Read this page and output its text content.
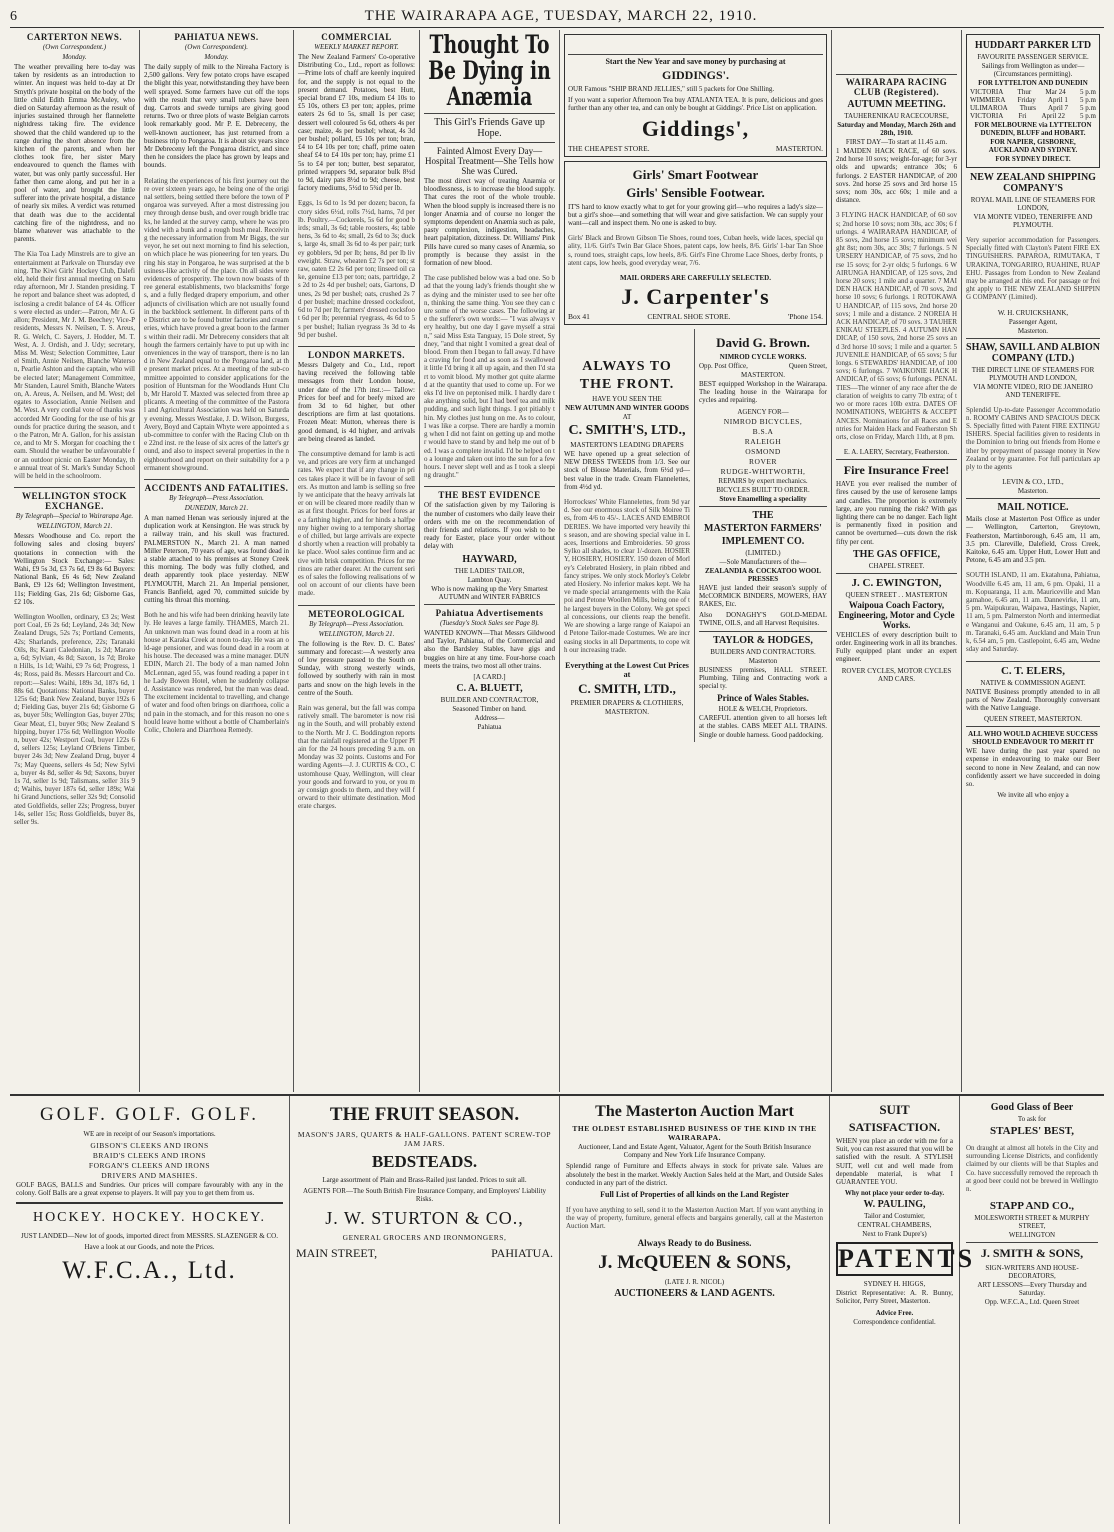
6	THE WAIRARAPA AGE, TUESDAY, MARCH 22, 1910.
CARTERTON NEWS.
(Own Correspondent.)
Monday.

The weather prevailing here to-day was taken by residents as an introduction to winter. An inquest was held to-day at Dr Smyth's private hospital on the body of the little child Edith Emma McAuley, who died on Saturday afternoon as the result of injuries sustained through her flannelette nightdress taking fire. The evidence showed that the child wandered up to the range during the short absence from the kitchen of the parents, and when her clothes took fire, her sister Mary endeavoured to quench the flames with water, but was only partly successful. Her father then came along, and put her in a pool of water, and brought the little sufferer into the private hospital, a distance of nearly six miles. A verdict was returned that death was due to the accidental catching fire of the nightdress, and no blame whatever was attachable to the parents.

The Kia Toa Lady Minstrels are to give an entertainment at Parkvale on Thursday evening. The Kiwi Girls' Hockey Club, Dalefield, held their first annual meeting on Saturday afternoon, Mr J. Standen presiding. The report and balance sheet was adopted, disclosing a credit balance of £4 4s. Officers were elected as under:—Patron, Mr A. Gallon; President, Mr J. M. Beechey; Vice-Presidents, Messrs N. Neilsen, T. S. Areus, R. G. Welch, C. Sayers, J. Hodder, M. T. West, A. J. Ordish, and J. Udy; secretary, Miss M. West; Selection Committee, Laurel Smith, Annie Neilsen, Blanche Waterson, Pearlie Ashton and the captain, who will be elected later; Management Committee, Mr Standen, Laurel Smith, Blanche Waterson, A. Areus, A. Neilsen, and M. West; delegates to Association, Annie Neilsen and M. West. A very cordial vote of thanks was accorded Mr Gooding for the use of his grounds for practice during the season, and to the Patron, Mr A. Gallon, for his assistance, and to Mr S. Morgan for coaching the team. Should the weather be unfavourable for an outdoor picnic on Easter Monday, the annual treat of St. Mark's Sunday School will be held in the schoolroom.

WELLINGTON STOCK EXCHANGE.
By Telegraph—Special to Wairarapa Age.
WELLINGTON, March 21.

Messrs Woodhouse and Co. report the following sales and closing buyers' quotations in connection with the Wellington Stock Exchange:— Sales: Wahi, £9 5s 3d, £3 7s 6d, £9 8s 6d Buyers: National Bank, £6 4s 6d; New Zealand Bank, £9 12s 6d; Wellington Investment, 11s; Fielding Gas, 21s 6d; Gisborne Gas, £2 10s.

Wellington Woollen, ordinary, £3 2s; Westport Coal, £6 2s 6d; Leyland, 24s 3d; New Zealand Drugs, 52s 7s; Portland Cements, 42s; Sharlands, preference, 22s; Taranaki Oils, 8s; Kauri Caledonian, 1s 2d; Mararoa, 6d; Sylvian, 4s 8d; Saxon, 1s 7d; Broken Hills, 1s 1d; Waihi, £9 7s 6d; Progress, 14s; Ross, paid 8s. Messrs Harcourt and Co. report:—Sales: Waihi, 189s 3d, 187s 6d, 188s 6d. Quotations: National Banks, buyer 125s 6d; Bank New Zealand, buyer 192s 6d; Fielding Gas, buyer 21s 6d; Gisborne Gas, buyer 50s; Wellington Gas, buyer 270s; Gear Meat, £1, buyer 90s; New Zealand Shipping, buyer 175s 6d; Wellington Woollen, buyer 42s; Westport Coal, buyer 122s 6d, sellers 125s; Leyland O'Briens Timber, buyer 24s 3d; New Zealand Drug, buyer 47s; May Queens, sellers 4s 5d; New Sylvia, buyer 4s 8d, seller 4s 9d; Saxons, buyer 1s 7d, seller 1s 9d; Talismans, seller 31s 9d; Waihis, buyer 187s 6d, seller 189s; Waihi Grand Junctions, seller 32s 9d; Consolidated Goldfields, seller 22s; Progress, buyer 14s, seller 15s; Ross Goldfields, buyer 8s, seller 9s.

PAHIATUA NEWS.
(Own Correspondent).
Monday.

The daily supply of milk to the Nireaha Factory is 2,500 gallons. Very few potato crops have escaped the blight this year, notwithstanding they have been well sprayed. Some farmers have cut off the tops with the result that very small tubers have been dug. Carrots and swede turnips are giving good returns. Two or three plots of waste Belgian carrots look remarkably good. Mr P. E. Debreceny, the well-known auctioneer, has just returned from a business trip to Pongaroa. It is about six years since Mr Debreceny left the Pongaroa district, and since then he considers the place has grown by leaps and bounds.

Relating the experiences of his first journey out there over sixteen years ago, he being one of the original settlers, being settled there before the town of Pongaroa was surveyed. After a most distressing journey through dense bush, and over rough bridle tracks, he landed at the survey camp, where he was provided with a bunk and a rough bush meal. Receiving the necessary information from Mr Biggs, the surveyor, he set out next morning to find his selection, on which place he was pioneering for ten years. During his stay in Pongaroa, he was surprised at the business-like activity of the place. On all sides were evidences of prosperity. The town now boasts of three general establishments, two blacksmiths' forges, and a fully fledged drapery emporium, and other adjuncts of civilisation which are not usually found in the backblock settlement. In different parts of the District are to be found butter factories and creameries, which have proved a great boon to the farmers within their radii. Mr Debreceny considers that although the farmers certainly have to put up with inconveniences in the way of transport, there is no land in New Zealand equal to the Pongaroa land, at the present market prices. At a meeting of the sub-committee appointed to consider applications for the position of Huntsman for the Woodlands Hunt Club, Mr Harold T. Maxted was selected from three applicants. A meeting of the committee of the Pastoral and Agricultural Association was held on Saturday evening. Messrs Westlake, J. D. Wilson, Burgess, Avery, Boyd and Captain Whyte were appointed a sub-committee to confer with the Racing Club on the 22nd inst. re the lease of six acres of the latter's ground, and also to inspect several properties in the neighbourhood and report on their suitability for a permanent showground.

ACCIDENTS AND FATALITIES.
By Telegraph—Press Association.
DUNEDIN, March 21.

A man named Henan was seriously injured at the duplication work at Kensington. He was struck by a railway train, and his skull was fractured. PALMERSTON N., March 21. A man named Miller Peterson, 70 years of age, was found dead in a stable attached to his premises at Stoney Creek this morning. The body was fully clothed, and death apparently took place yesterday. NEW PLYMOUTH, March 21. An Imperial pensioner, Francis Banfield, aged 70, committed suicide by cutting his throat this morning.

Both he and his wife had been drinking heavily lately. He leaves a large family. THAMES, March 21. An unknown man was found dead in a room at his house at Karaka Creek at noon to-day. He was an old-age pensioner, and was found dead in a room at his house. The deceased was a mine manager. DUNEDIN, March 21. The body of a man named John McLennan, aged 55, was found reading a paper in the Lady Bowen Hotel, when he suddenly collapsed. Assistance was rendered, but the man was dead. The excitement incidental to travelling, and change of water and food often brings on diarrhoea, colic and pain in the stomach, and for this reason no one should leave home without a bottle of Chamberlain's Colic, Cholera and Diarrhoea Remedy.

COMMERCIAL
WEEKLY MARKET REPORT.

The New Zealand Farmers' Co-operative Distributing Co., Ltd., report as follows:—Prime lots of chaff are keenly inquired for, and the supply is not equal to the present demand. Potatoes, best Hutt, special brand £7 10s, medium £4 10s to £5 10s, others £3 per ton; apples, prime eaters 2s 6d to 5s, small 1s per case; dessert well coloured 5s 6d, others 4s per case; maize, 4s per bushel; wheat, 4s 3d per bushel; pollard, £5 10s per ton; bran, £4 to £4 10s per ton; chaff, prime oaten sheaf £4 to £4 10s per ton; hay, prime £1 5s to £4 per ton; butter, best separator, printed wrappers 9d, separator bulk 8½d to 9d, dairy pats 8½d to 9d; cheese, best factory mediums, 5½d to 5¾d per lb.

Eggs, 1s 6d to 1s 9d per dozen; bacon, factory sides 6½d, rolls 7½d, hams, 7d per lb. Poultry.—Cockerels, 5s 6d for good birds; small, 3s 6d; table roosters, 4s; table hens, 3s 6d to 4s; small, 2s 6d to 3s; ducks, large 4s, small 3s 6d to 4s per pair; turkey gobblers, 9d per lb; hens, 8d per lb liveweight. Straw, wheaten £2 7s per ton; straw, oaten £2 2s 6d per ton; linseed oil cake, genuine £13 per ton; oats, partridge, 2s 2d to 2s 4d per bushel; oats, Gartons, Dunes, 2s 9d per bushel; oats, crushed 2s 7d per bushel; machine dressed cocksfoot, 6d to 7d per lb; farmers' dressed cocksfoot 6d per lb; perennial ryegrass, 4s 6d to 5s per bushel; Italian ryegrass 3s 3d to 4s 9d per bushel.

LONDON MARKETS.

Messrs Dalgety and Co., Ltd., report having received the following table messages from their London house, under date of the 17th inst.:— Tallow: Prices for beef and for beefy mixed are from 3d to 6d higher, but other descriptions are firm at last quotations. Frozen Meat: Mutton, whereas there is good demand, is 4d higher, and arrivals are being cleared as landed.

The consumptive demand for lamb is active, and prices are very firm at unchanged rates. We expect that if any change in prices takes place it will be in favour of sellers. As mutton and lamb is selling so freely we anticipate that the heavy arrivals later on will be cleared more readily than was at first thought. Prices for beef fores are a farthing higher, and for hinds a halfpenny higher owing to a temporary shortage of chilled, but large arrivals are expected shortly when a reaction will probably take place. Wool sales continue firm and active with brisk competition. Prices for merinos are rather dearer. At the current series of sales the following realisations of wool on account of our clients have been made.

METEOROLOGICAL
By Telegraph—Press Association.
WELLINGTON, March 21.

The following is the Rev. D. C. Bates' summary and forecast:—A westerly area of low pressure passed to the South on Sunday, with strong westerly winds, followed by southerly with rain in most parts and snow on the high levels in the centre of the South.

Rain was general, but the fall was comparatively small. The barometer is now rising in the South, and will probably extend to the North. Mr J. C. Boddington reports that the rainfall registered at the Upper Plain for the 24 hours preceding 9 a.m. on Monday was 32 points. Customs and Forwarding Agents—J. J. CURTIS & CO., Customhouse Quay, Wellington, will clear your goods and forward to you, or you may consign goods to them, and they will forward to their ultimate destination. Moderate charges.

Thought To Be Dying in Anæmia
This Girl's Friends Gave up Hope.
Fainted Almost Every Day—Hospital Treatment—She Tells how She was Cured.

The most direct way of treating Anæmia or bloodlessness, is to increase the blood supply. That cures the root of the whole trouble. When the blood supply is increased there is no longer Anæmia and of course no longer the symptoms dependent on Anæmia such as pale, pasty complexion, indigestion, headaches, heart palpitation, dizziness. Dr. Williams' Pink Pills have cured so many cases of Anæmia, so promptly is because they assist in the formation of new blood.

The case published below was a bad one. So bad that the young lady's friends thought she was dying and the minister used to see her often, thinking the same thing. You see they can cure some of the worse cases. The following are the sufferer's own words:— "I was always very healthy, but one day I gave myself a strain," said Miss Esta Tanguay, 15 Dole street, Sydney, "and that night I vomited a great deal of blood. From then I began to fall away. I'd have a craving for food and as soon as I swallowed it little I'd bring it all up again, and then I'd start to vomit blood. My mother got quite alarmed at the quantity that used to come up. For weeks I'd live on peptonised milk. I hardly dare take anything solid, but I had beef tea and milk pudding, and such light things. I got pitiably thin. My clothes just hung on me. As to colour, I was like a corpse. There are hardly a morning when I did not faint on getting up and mother would have to stand by and help me out of bed. I was a complete invalid. I'd be helped on to a lounge and taken out into the sun for a few hours. I never slept well and as I took a sleeping draught."

THE BEST EVIDENCE

Of the satisfaction given by my Tailoring is the number of customers who daily leave their orders with me on the recommendation of their friends and relations. If you wish to be ready for Easter, place your order without delay with

HAYWARD,
THE LADIES' TAILOR,
Lambton Quay.

Who is now making up the Very Smartest AUTUMN and WINTER FABRICS

Pahiatua Advertisements
(Tuesday's Stock Sales see Page 8).

WANTED KNOWN—That Messrs Gildwood and Taylor, Pahiatua, of the Commercial and also the Bardsley Stables, have gigs and buggies on hire at any time. Four-horse coach meets the trains, two most all other trains.

[A CARD.]
C. A. BLUETT,
BUILDER AND CONTRACTOR,
Seasoned Timber on hand.
Address—
Pahiatua
Start the New Year and save money by purchasing at
GIDDINGS'.

OUR Famous "SHIP BRAND JELLIES," still 5 packets for One Shilling.

If you want a superior Afternoon Tea buy ATALANTA TEA. It is pure, delicious and goes further than any other tea, and can only be bought at Giddings'. Price List on application.

Giddings',
THE CHEAPEST STORE.	MASTERTON.
Girls' Smart Footwear
Girls' Sensible Footwear.

IT'S hard to know exactly what to get for your growing girl—who requires a lady's size—but a girl's shoe—and something that will wear and give satisfaction. We can supply your want—call and inspect them. No one is asked to buy.

Girls' Black and Brown Gibson Tie Shoes, round toes, Cuban heels, wide laces, special quality, 11/6. Girl's Twin Bar Glace Shoes, patent caps, low heels, 8/6. Girls' 1-bar Tan Shoes, round toes, straight caps, low heels, 8/6. Girl's Fine Chrome Lace Shoes, derby fronts, patent caps, low heels, good everyday wear, 7/6.

MAIL ORDERS ARE CAREFULLY SELECTED.
J. Carpenter's
Box 41	CENTRAL SHOE STORE.	'Phone 154.
ALWAYS TO
THE FRONT.
HAVE YOU SEEN THE
NEW AUTUMN AND WINTER GOODS
AT
C. SMITH'S, LTD.,
MASTERTON'S LEADING DRAPERS

WE have opened up a great selection of NEW DRESS TWEEDS from 1/3. See our stock of Blouse Materials, from 6½d yd—best value in the trade. Cream Flannelettes, from 4½d yd.

Horrockses' White Flannelettes, from 9d yard. See our enormous stock of Silk Moiree Ties, from 4/6 to 45/-. LACES AND EMBROIDERIES. We have imported very heavily this season, and are showing special value in Laces, Insertions and Embroideries. 50 gross Sylko all shades, to clear 1/-dozen. HOSIERY, HOSIERY, HOSIERY. 150 dozen of Morley's Celebrated Hosiery, in plain ribbed and fancy stripes. We only stock Morley's Celebrated Hosiery. No inferior makes kept. We have made special arrangements with the Kaiapoi and Petone Woollen Mills, being one of the largest buyers in the Colony. We get special concessions, our clients reap the benefit. We are showing a large range of Kaiapoi and Petone Tailor-made Costumes. We are increasing stocks in all Departments, to cope with our increasing trade.

Everything at the Lowest Cut Prices at
C. SMITH, LTD.,
PREMIER DRAPERS & CLOTHIERS,
MASTERTON.
David G. Brown.
NIMROD CYCLE WORKS.
Opp. Post Office,	Queen Street,
MASTERTON.

BEST equipped Workshop in the Wairarapa. The leading house in the Wairarapa for cycles and repairing.

AGENCY FOR—
NIMROD BICYCLES,
B.S.A
RALEIGH
OSMOND
ROVER
RUDGE-WHITWORTH,
REPAIRS by expert mechanics.
BICYCLES BUILT TO ORDER.
Stove Enamelling a speciality
THE
MASTERTON FARMERS'
IMPLEMENT CO.
(LIMITED.)
—Sole Manufacturers of the—
ZEALANDIA & COCKATOO WOOL PRESSES

HAVE just landed their season's supply of McCORMICK BINDERS, MOWERS, HAY RAKES, Etc.

Also DONAGHY'S GOLD-MEDAL TWINE, OILS, and all Harvest Requisites.

TAYLOR & HODGES,
BUILDERS AND CONTRACTORS.
Masterton

BUSINESS premises, HALL STREET. Plumbing, Tiling and Contracting work a special ty.

Prince of Wales Stables.
HOLE & WELCH, Proprietors.

CAREFUL attention given to all horses left at the stables. CABS MEET ALL TRAINS. Single or double harness. Good paddocking.

WAIRARAPA RACING CLUB (Registered).
AUTUMN MEETING.
TAUHERENIKAU RACECOURSE,
Saturday and Monday, March 26th and 28th, 1910.
FIRST DAY—To start at 11.45 a.m.

1 MAIDEN HACK RACE, of 60 sovs. 2nd horse 10 sovs; weight-for-age; for 3-yr olds and upwards; entrance 30s; 6 furlongs. 2 EASTER HANDICAP, of 200 sovs. 2nd horse 25 sovs and 3rd horse 15 sovs; nom 30s, acc 60s; 1 mile and a distance.

3 FLYING HACK HANDICAP, of 60 sovs; 2nd horse 10 sovs; nom 30s, acc 30s; 6 furlongs. 4 WAIRARAPA HANDICAP, of 85 sovs, 2nd horse 15 sovs; minimum weight 8st; nom 30s, acc 30s; 7 furlongs. 5 NURSERY HANDICAP, of 75 sovs, 2nd horse 15 sovs; for 2-yr olds; 5 furlongs. 6 WAIRUNGA HANDICAP, of 125 sovs, 2nd horse 20 sovs; 1 mile and a quarter. 7 MAIDEN HACK HANDICAP, of 70 sovs, 2nd horse 10 sovs; 6 furlongs. 1 ROTOKAWAU HANDICAP, of 115 sovs, 2nd horse 20 sovs; 1 mile and a distance. 2 NOREIA HACK HANDICAP, of 70 sovs. 3 TAUHERENIKAU STEEPLES. 4 AUTUMN HANDICAP, of 150 sovs, 2nd horse 25 sovs and 3rd horse 10 sovs; 1 mile and a quarter. 5 JUVENILE HANDICAP, of 65 sovs; 5 furlongs. 6 STEWARDS' HANDICAP, of 100 sovs; 6 furlongs. 7 WAIKONIE HACK HANDICAP, of 65 sovs; 6 furlongs. PENALTIES—The winner of any race after the declaration of weights to carry 7lb extra; of two or more races 10lb extra. DATES OF NOMINATIONS, WEIGHTS & ACCEPTANCES. Nominations for all Races and Entries for Maiden Hack and Featherston Shorts, close on Friday, March 11th, at 8 pm.

E. A. LAERY, Secretary, Featherston.
Fire Insurance Free!

HAVE you ever realised the number of fires caused by the use of kerosene lamps and candles. The proportion is extremely large, are you running the risk? With gas lighting there can be no danger. Each light is permanently fixed in position and cannot be overturned—cuts down the risk fifty per cent.

THE GAS OFFICE,
CHAPEL STREET.
J. C. EWINGTON,
QUEEN STREET . . MASTERTON
Waipoua Coach Factory, Engineering, Motor and Cycle Works.

VEHICLES of every description built to order. Engineering work in all its branches. Fully equipped plant under an expert engineer.

ROVER CYCLES, MOTOR CYCLES AND CARS.
HUDDART PARKER LTD
FAVOURITE PASSENGER SERVICE.
Sailings from Wellington as under—(Circumstances permitting).
FOR LYTTELTON AND DUNEDIN
VICTORIA Thur Mar 24 5 p.m
WIMMERA Friday April 1 5 p.m
ULIMAROA Thurs April 7 5 p.m
VICTORIA Fri April 22 5 p.m
FOR MELBOURNE via LYTTELTON DUNEDIN, BLUFF and HOBART.
FOR NAPIER, GISBORNE, AUCKLAND AND SYDNEY.
FOR SYDNEY DIRECT.
NEW ZEALAND SHIPPING COMPANY'S
ROYAL MAIL LINE OF STEAMERS FOR LONDON,
VIA MONTE VIDEO, TENERIFFE AND PLYMOUTH.

Very superior accommodation for Passengers. Specially fitted with Clayton's Patent FIRE EXTINGUISHERS. PAPAROA, RIMUTAKA, TURAKINA, TONGARIRO, RUAHINE, RUAPEHU. Passages from London to New Zealand may be arranged at this end. For passage or freight apply to THE NEW ZEALAND SHIPPING COMPANY (Limited).

W. H. CRUICKSHANK,
Passenger Agent,
Masterton.
SHAW, SAVILL AND ALBION COMPANY (LTD.)
THE DIRECT LINE OF STEAMERS FOR PLYMOUTH AND LONDON,
VIA MONTE VIDEO, RIO DE JANEIRO AND TENERIFFE.

Splendid Up-to-date Passenger Accommodation. ROOMY CABINS AND SPACIOUS DECKS. Specially fitted with Patent FIRE EXTINGUISHERS. Special facilities given to residents in the Dominion to bring out friends from Home either by prepayment of passage money in New Zealand or by guarantee. For full particulars apply to the agents

LEVIN & CO., LTD.,
Masterton.
MAIL NOTICE.

Mails close at Masterton Post Office as under— Wellington, Carterton, Greytown, Featherston, Martinborough, 6.45 am, 11 am, 3.5 pm. Clareville, Dalefield, Cross Creek, Kaitoke, 6.45 am. Upper Hutt, Lower Hutt and Petone, 6.45 am and 3.5 pm.

SOUTH ISLAND, 11 am. Ekatahuna, Pahiatua, Woodville 6.45 am, 11 am, 6 pm. Opaki, 11 am. Kopuaranga, 11 a.m. Mauriceville and Mangamahoe, 6.45 am, 11 am. Dannevirke, 11 am, 5 pm. Waipukurau, Waipawa, Hastings, Napier, 11 am, 5 pm. Palmerston North and intermediate Wanganui and Oakune, 6.45 am, 11 am, 5 pm. Taranaki, 6.45 am. Auckland and Main Trunk, 6.54 am, 5 pm. Castlepoint, 6.45 am, Wednesday and Saturday.

C. T. ELERS,
NATIVE & COMMISSION AGENT.

NATIVE Business promptly attended to in all parts of New Zealand. Thoroughly conversant with the Native Language.

QUEEN STREET, MASTERTON.
ALL WHO WOULD ACHIEVE SUCCESS SHOULD ENDEAVOUR TO MERIT IT

WE have during the past year spared no expense in endeavouring to make our Beer second to none in New Zealand, and can now confidently assert we have succeeded in doing so.

We invite all who enjoy a
GOLF. GOLF. GOLF.

WE are in receipt of our Season's importations.

GIBSON'S CLEEKS AND IRONS
BRAID'S CLEEKS AND IRONS
FORGAN'S CLEEKS AND IRONS
DRIVERS AND MASHIES.

GOLF BAGS, BALLS and Sundries. Our prices will compare favourably with any in the colony. Golf Balls are a great expense to players. It will pay you to get them from us.

HOCKEY. HOCKEY. HOCKEY.

JUST LANDED—New lot of goods, imported direct from MESSRS. SLAZENGER & CO.

Have a look at our Goods, and note the Prices.

W.F.C.A., Ltd.
THE FRUIT SEASON.
MASON'S JARS, QUARTS & HALF-GALLONS. PATENT SCREW-TOP JAM JARS.
BEDSTEADS.

Large assortment of Plain and Brass-Railed just landed. Prices to suit all.

AGENTS FOR—The South British Fire Insurance Company, and Employers' Liability Risks.

J. W. STURTON & CO.,
GENERAL GROCERS AND IRONMONGERS,
MAIN STREET,	PAHIATUA.
The Masterton Auction Mart
THE OLDEST ESTABLISHED BUSINESS OF THE KIND IN THE WAIRARAPA.

Auctioneer, Land and Estate Agent, Valuator, Agent for the South British Insurance Company and New York Life Insurance Company.

Splendid range of Furniture and Effects always in stock for private sale. Values are absolutely the best in the market. Weekly Auction Sales held at the Mart, and Outside Sales conducted in any part of the district.

Full List of Properties of all kinds on the Land Register

If you have anything to sell, send it to the Masterton Auction Mart. If you want anything in the way of property, furniture, general effects and bargains generally, call at the Masterton Auction Mart.

Always Ready to do Business.
J. McQUEEN & SONS,
(LATE J. R. NICOL)
AUCTIONEERS & LAND AGENTS.
SUIT
SATISFACTION.

WHEN you place an order with me for a Suit, you can rest assured that you will be satisfied with the result. A STYLISH SUIT, well cut and well made from dependable material, is what I GUARANTEE YOU.

Why not place your order to-day.
W. PAULING,
Tailor and Costumier,
CENTRAL CHAMBERS,
Next to Frank Dupre's)
PATENTS
SYDNEY H. HIGGS,

District Representative: A. R. Bunny, Solicitor, Perry Street, Masterton.

Advice Free.
Correspondence confidential.
Good Glass of Beer
To ask for
STAPLES' BEST,

On draught at almost all hotels in the City and surrounding License Districts, and confidently claimed by our clients will be that Staples and Co. have successfully removed the reproach that good beer could not be brewed in Wellington.

STAPP AND CO.,
MOLESWORTH STREET & MURPHY STREET,
WELLINGTON
J. SMITH & SONS,
SIGN-WRITERS AND HOUSE-DECORATORS,
ART LESSONS—Every Thursday and Saturday.
Opp. W.F.C.A., Ltd. Queen Street
